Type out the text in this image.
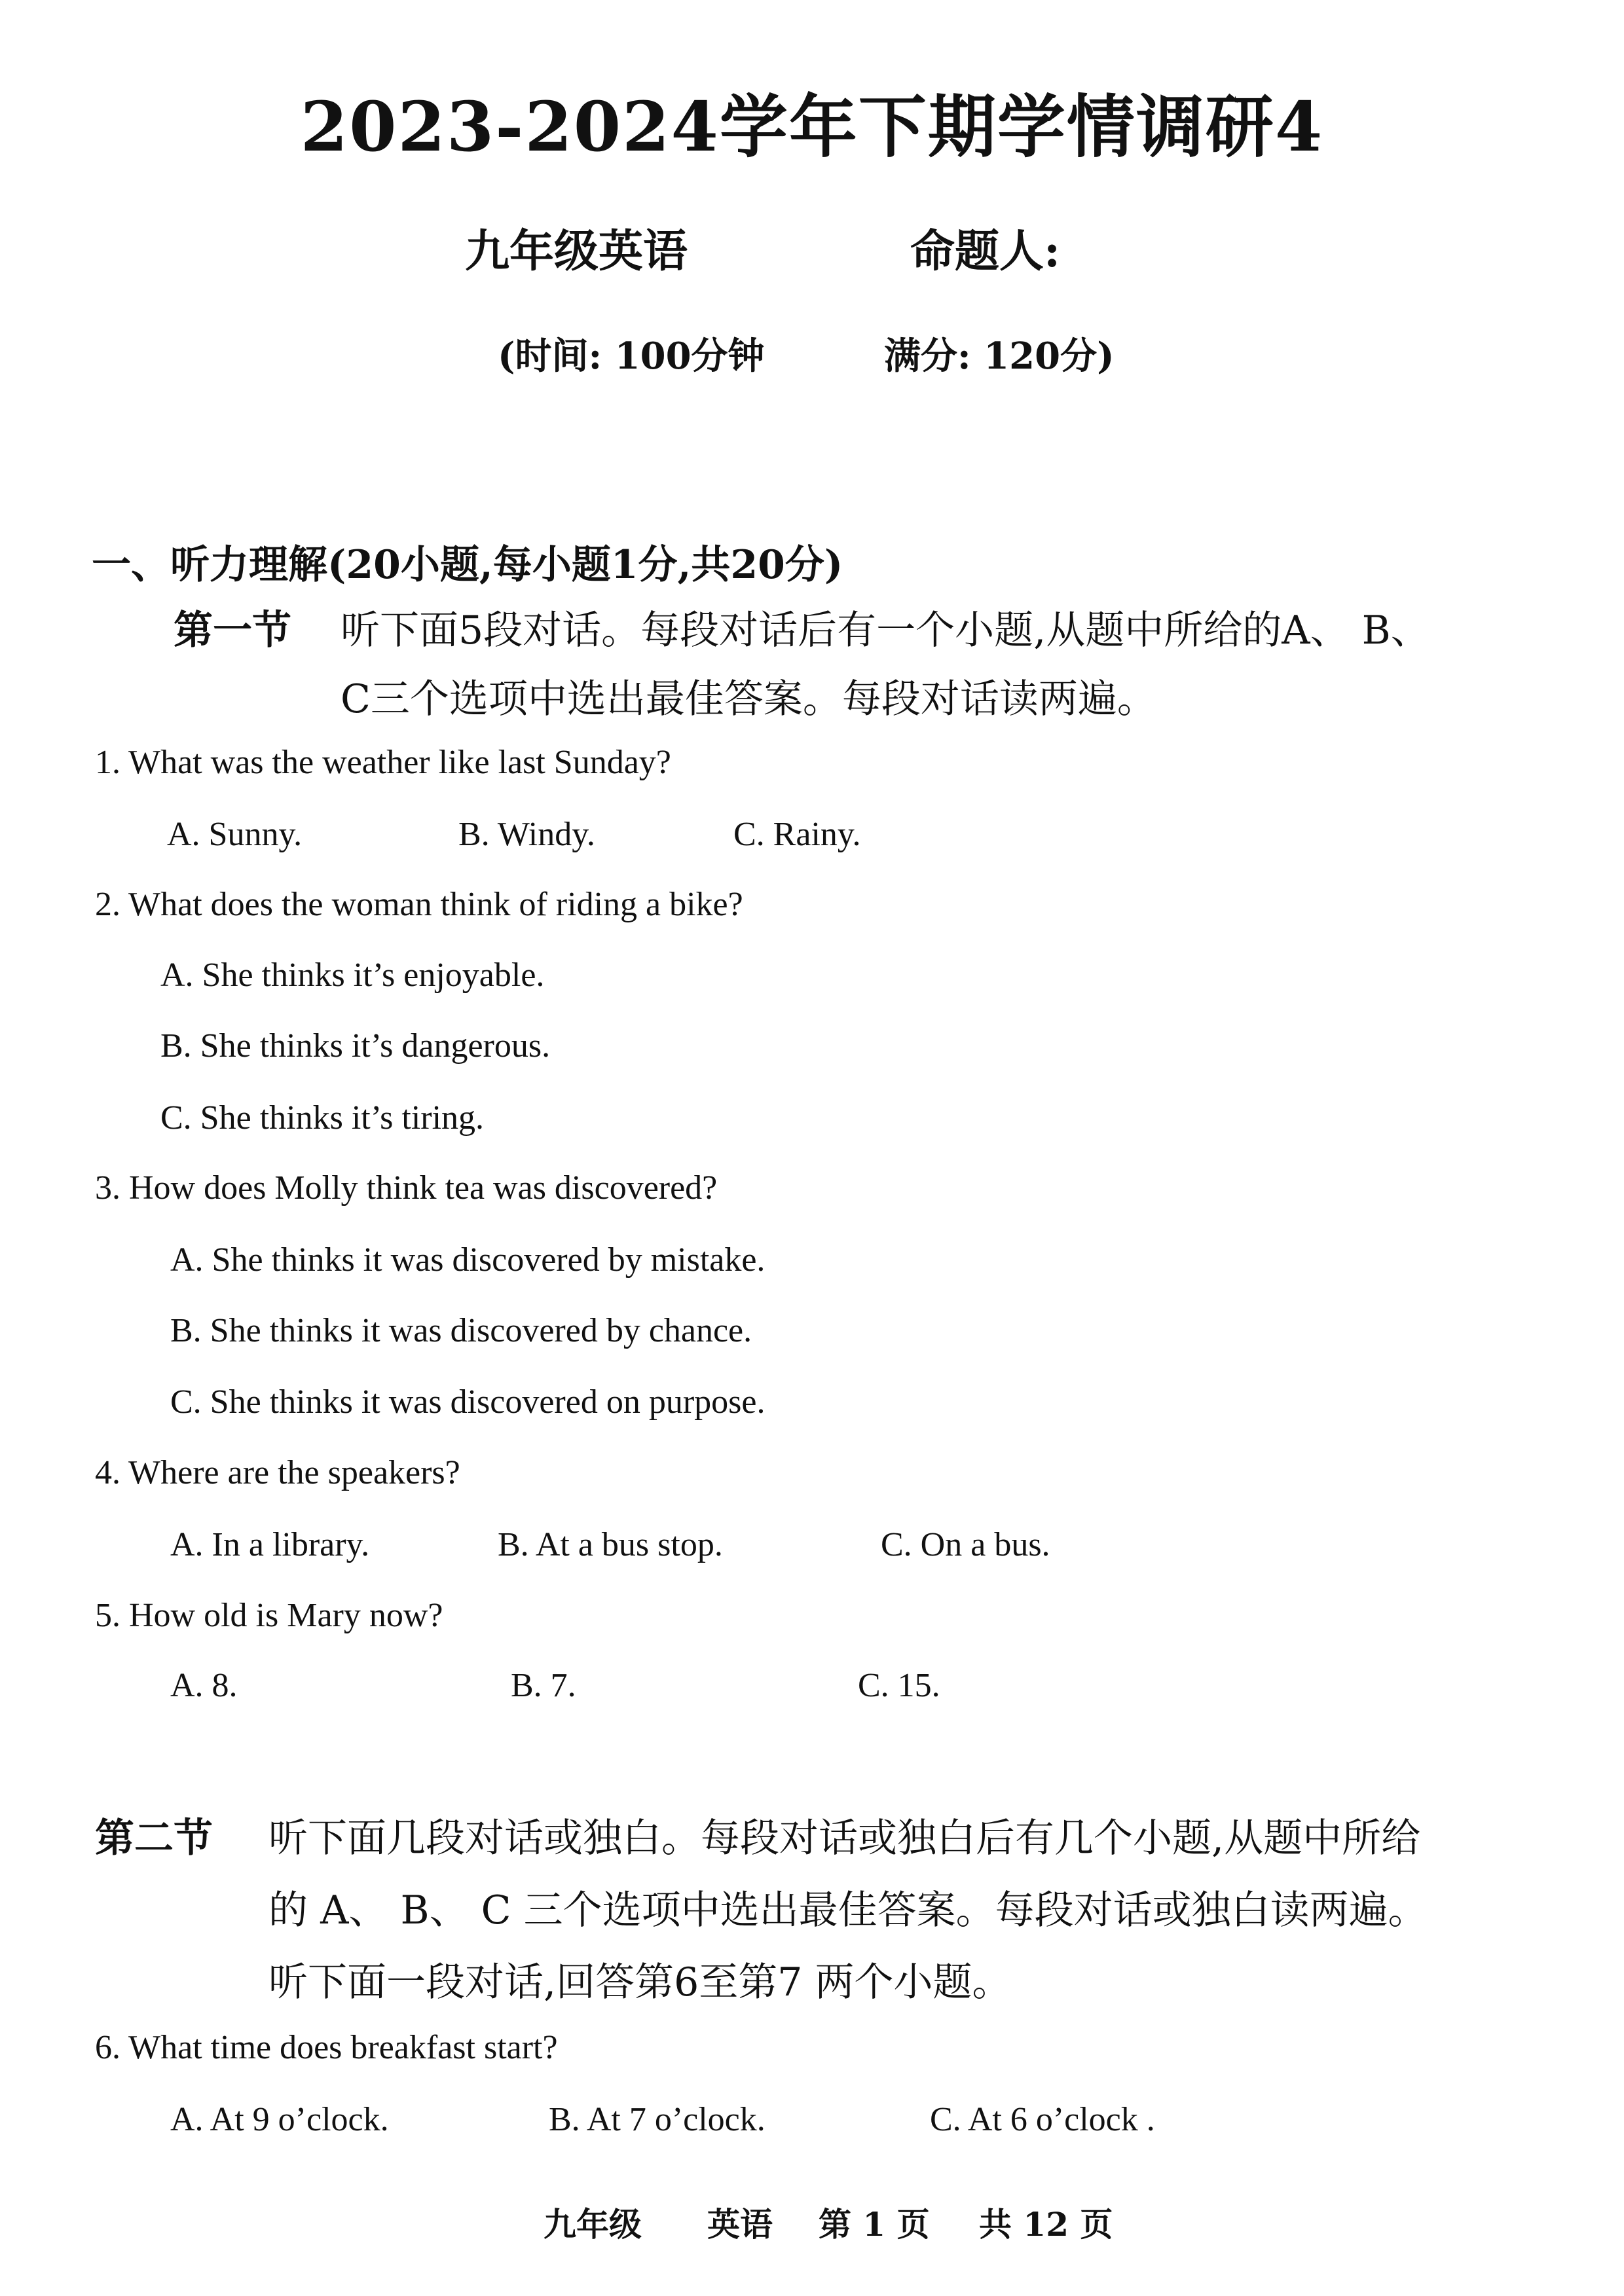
2023-2024学年下期学情调研4
九年级英语	命题人:
(时间: 100分钟	满分: 120分)
一、听力理解(20小题,每小题1分,共20分)
第一节 听下面5段对话。每段对话后有一个小题,从题中所给的A、 B、
C三个选项中选出最佳答案。每段对话读两遍。
1. What was the weather like last Sunday?
A. Sunny.	B. Windy.	C. Rainy.
2. What does the woman think of riding a bike?
A. She thinks it’s enjoyable.
B. She thinks it’s dangerous.
C. She thinks it’s tiring.
3. How does Molly think tea was discovered?
A. She thinks it was discovered by mistake.
B. She thinks it was discovered by chance.
C. She thinks it was discovered on purpose.
4. Where are the speakers?
A. In a library.	B. At a bus stop.	C. On a bus.
5. How old is Mary now?
A. 8.	B. 7.	C. 15.
第二节 听下面几段对话或独白。每段对话或独白后有几个小题,从题中所给
的 A、 B、 C 三个选项中选出最佳答案。每段对话或独白读两遍。
听下面一段对话,回答第6至第7 两个小题。
6. What time does breakfast start?
A. At 9 o’clock.	B. At 7 o’clock.	C. At 6 o’clock .
九年级 英语 第 1 页 共 12 页
